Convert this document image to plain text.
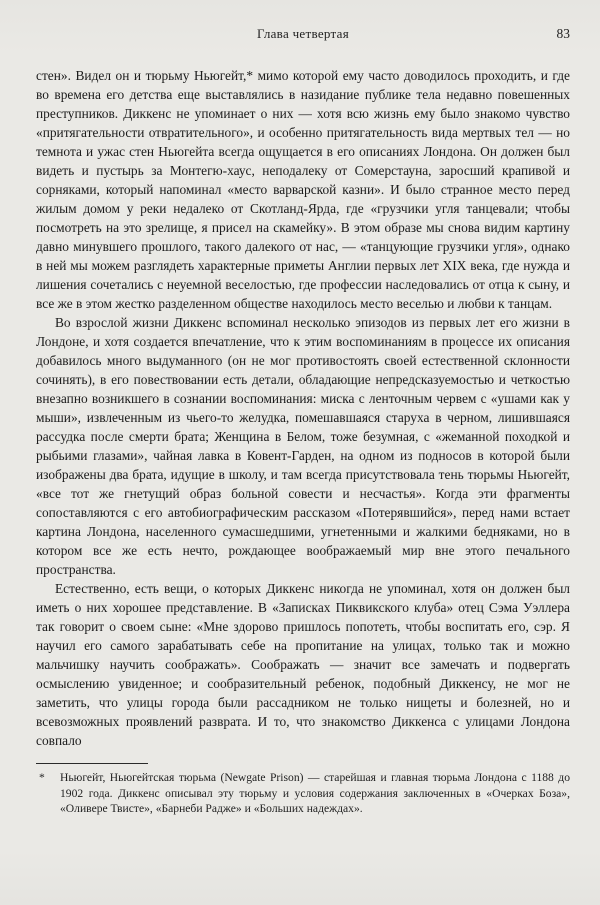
Глава четвертая	83

стен». Видел он и тюрьму Ньюгейт,* мимо которой ему часто доводилось проходить, и где во времена его детства еще выставлялись в назидание публике тела недавно повешенных преступников. Диккенс не упоминает о них — хотя всю жизнь ему было знакомо чувство «притягательности отвратительного», и особенно притягательность вида мертвых тел — но темнота и ужас стен Ньюгейта всегда ощущается в его описаниях Лондона. Он должен был видеть и пустырь за Монтегю-хаус, неподалеку от Сомерстауна, заросший крапивой и сорняками, который напоминал «место варварской казни». И было странное место перед жилым домом у реки недалеко от Скотланд-Ярда, где «грузчики угля танцевали; чтобы посмотреть на это зрелище, я присел на скамейку». В этом образе мы снова видим картину давно минувшего прошлого, такого далекого от нас, — «танцующие грузчики угля», однако в ней мы можем разглядеть характерные приметы Англии первых лет XIX века, где нужда и лишения сочетались с неуемной веселостью, где профессии наследовались от отца к сыну, и все же в этом жестко разделенном обществе находилось место веселью и любви к танцам.

Во взрослой жизни Диккенс вспоминал несколько эпизодов из первых лет его жизни в Лондоне, и хотя создается впечатление, что к этим воспоминаниям в процессе их описания добавилось много выдуманного (он не мог противостоять своей естественной склонности сочинять), в его повествовании есть детали, обладающие непредсказуемостью и четкостью внезапно возникшего в сознании воспоминания: миска с ленточным червем с «ушами как у мыши», извлеченным из чьего-то желудка, помешавшаяся старуха в черном, лишившаяся рассудка после смерти брата; Женщина в Белом, тоже безумная, с «жеманной походкой и рыбьими глазами», чайная лавка в Ковент-Гарден, на одном из подносов в которой были изображены два брата, идущие в школу, и там всегда присутствовала тень тюрьмы Ньюгейт, «все тот же гнетущий образ больной совести и несчастья». Когда эти фрагменты сопоставляются с его автобиографическим рассказом «Потерявшийся», перед нами встает картина Лондона, населенного сумасшедшими, угнетенными и жалкими бедняками, но в котором все же есть нечто, рождающее воображаемый мир вне этого печального пространства.

Естественно, есть вещи, о которых Диккенс никогда не упоминал, хотя он должен был иметь о них хорошее представление. В «Записках Пиквикского клуба» отец Сэма Уэллера так говорит о своем сыне: «Мне здорово пришлось попотеть, чтобы воспитать его, сэр. Я научил его самого зарабатывать себе на пропитание на улицах, только так и можно мальчишку научить соображать». Соображать — значит все замечать и подвергать осмыслению увиденное; и сообразительный ребенок, подобный Диккенсу, не мог не заметить, что улицы города были рассадником не только нищеты и болезней, но и всевозможных проявлений разврата. И то, что знакомство Диккенса с улицами Лондона совпало

* Ньюгейт, Ньюгейтская тюрьма (Newgate Prison) — старейшая и главная тюрьма Лондона с 1188 до 1902 года. Диккенс описывал эту тюрьму и условия содержания заключенных в «Очерках Боза», «Оливере Твисте», «Барнеби Радже» и «Больших надеждах».
